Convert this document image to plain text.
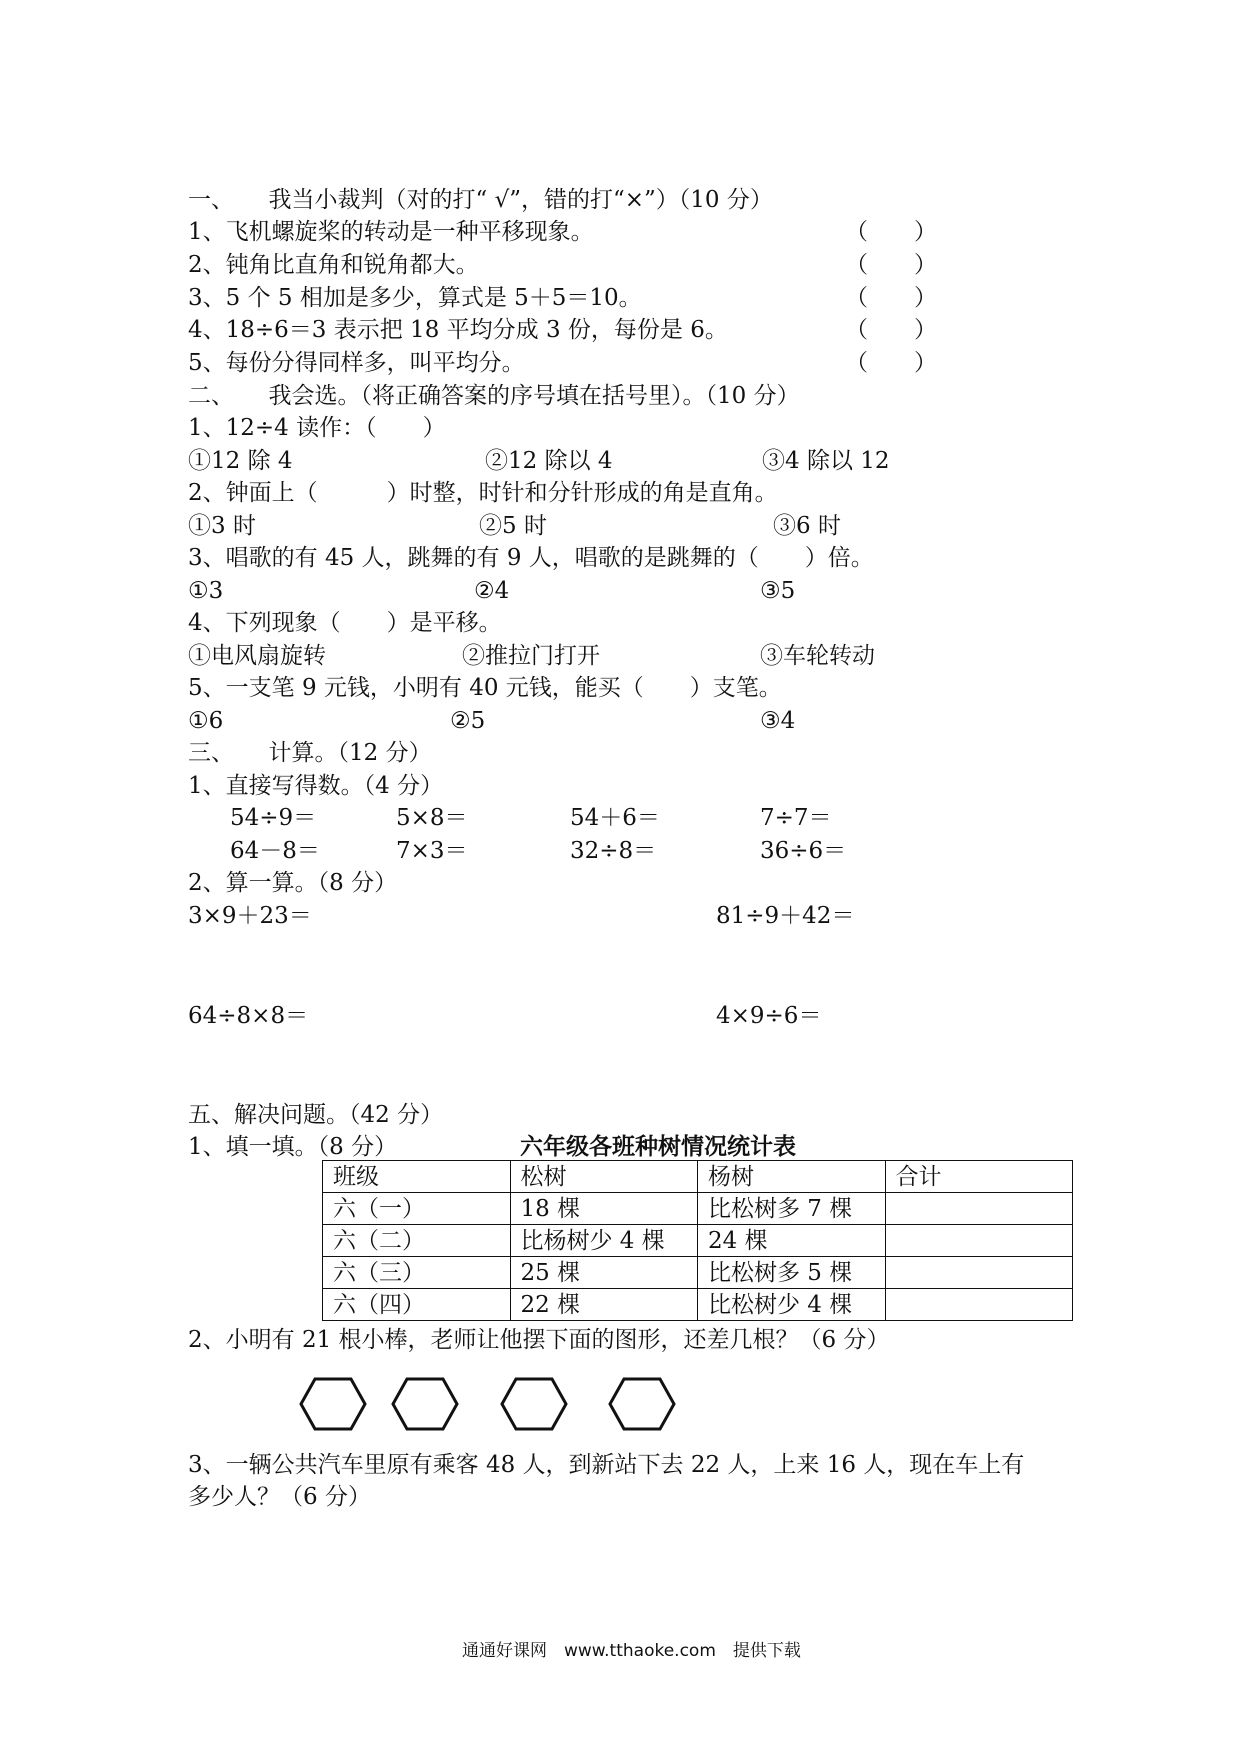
一、　　我当小裁判（对的打“ √”，错的打“×”）（10 分）
1、飞机螺旋桨的转动是一种平移现象。	（　　）
2、钝角比直角和锐角都大。	（　　）
3、5 个 5 相加是多少，算式是 5＋5＝10。	（　　）
4、18÷6＝3 表示把 18 平均分成 3 份，每份是 6。	（　　）
5、每份分得同样多，叫平均分。	（　　）
二、　　我会选。（将正确答案的序号填在括号里）。（10 分）
1、12÷4 读作：（　　）
①12 除 4	②12 除以 4	③4 除以 12
2、钟面上（　　　）时整，时针和分针形成的角是直角。
①3 时	②5 时	③6 时
3、唱歌的有 45 人，跳舞的有 9 人，唱歌的是跳舞的（　　）倍。
①3	②4	③5
4、下列现象（　　）是平移。
①电风扇旋转	②推拉门打开	③车轮转动
5、一支笔 9 元钱，小明有 40 元钱，能买（　　）支笔。
①6	②5	③4
三、　　计算。（12 分）
1、直接写得数。（4 分）
54÷9＝	5×8＝	54＋6＝	7÷7＝
64－8＝	7×3＝	32÷8＝	36÷6＝
2、算一算。（8 分）
3×9＋23＝	81÷9＋42＝
64÷8×8＝	4×9÷6＝
五、解决问题。（42 分）
1、填一填。（8 分）	六年级各班种树情况统计表
班级	松树	杨树	合计
六（一）	18 棵	比松树多 7 棵	
六（二）	比杨树少 4 棵	24 棵	
六（三）	25 棵	比松树多 5 棵	
六（四）	22 棵	比松树少 4 棵	
2、小明有 21 根小棒，老师让他摆下面的图形，还差几根？（6 分）
3、一辆公共汽车里原有乘客 48 人，到新站下去 22 人，上来 16 人，现在车上有
多少人？（6 分）
通通好课网　www.tthaoke.com　提供下载
